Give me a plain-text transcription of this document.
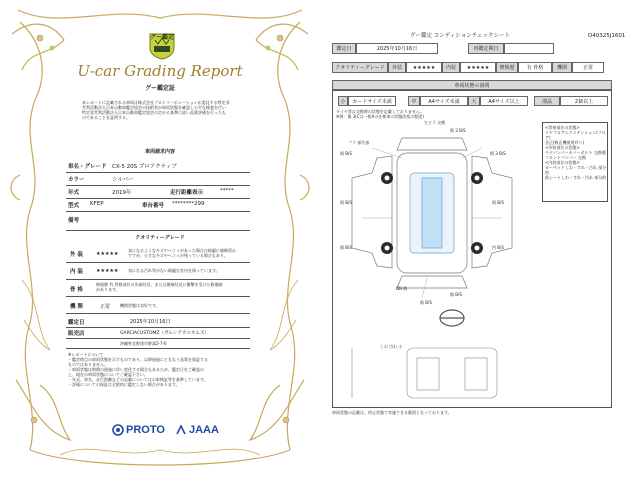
グー鑑定
U-car Grading Report
グー鑑定証
本レポートに記載される車両は株式会社プロトコーポレーションが委託する特定非
営利活動法人日本自動車鑑定協会の技術者が車両状態を確認し公平な検査を行い
特定非営利活動法人日本自動車鑑定協会の定める基準に従い品質評価を行ったも
のであることを証明する。
車両請求内容
車名・グレード CX-5 20S プロアクティブ
カラー	シルバー
年式	2019年	走行距離表示	*****
型式 KFEP	車台番号 ********299
備考
クオリティーグレード
外 装	★★★★★
気になるようなキズやヘコミがあった場合は綺麗に補修済み
ですが、小さなキズやヘコミが残っている場合もあり。
内 装	★★★★★ 気になる汚れ等がない綺麗な室内を保っています。
骨 格
修復歴 有 骨格部位の先端付近、または後端付近に衝撃を受けた修復跡
があります。
機 関	正常 機関状態は良好です。
鑑定日	2025年10月16日
販売店	GARCIACUSTOMZ（ガルシアカスタムズ）
沖縄県宜野湾市野嵩2-7-6
※レポートについて
・鑑定時点の車両状態を示すものであり、以降経過にともなう品質を保証する
ものではありません。
・車両状態は時間の経過に伴い変化する場合もあるため、鑑定日をご確認の
上、現在の車両状態についてご確認下さい。
・年式、車名、走行距離などの記載についてはの車検証等を基準しています。
・評価についての保証は全般的に鑑定しない場合があります。
PROTO JAAA
グー鑑定 コンディションチェックシート	D40325J1601
鑑定日	2025年10月16日	再鑑定期日
クオリティーグレード	外装	★★★★★	内装	★★★★★	修復歴	有 骨格	機関	正常
車両状態の説明
小	カードサイズ未満	中	A4サイズ未満	大	A4サイズ以上	部品	2個以上
タイヤ等は交換時の状態を記載しておりません。
※例：傷 3(Cは一般Aの仕様車の状態改変の程度)
左ピラ 交換
プラ 部位加
傷 3 B/S
傷 B/S	傷 3 B/S
傷 B/S	傷 B/S
傷 B/S	凹 B/S
DB 傷
傷 B/S
傷 B/S
しわ 汚れ 小
<骨格部位の状態>
リヤフロアエクステンション(フロア)
歪正(修正機使用有り)
<外装部位の状態>
リヤバンパーカバーボルト 交換歴
フロントバンパー 交換
<内装部位の状態>
カーペットしわ・すれ・汚れ 部分的
前シートしわ・すれ・汚れ 部分的
車両状態の記載は、停止状態で実施できる範囲となっております。
